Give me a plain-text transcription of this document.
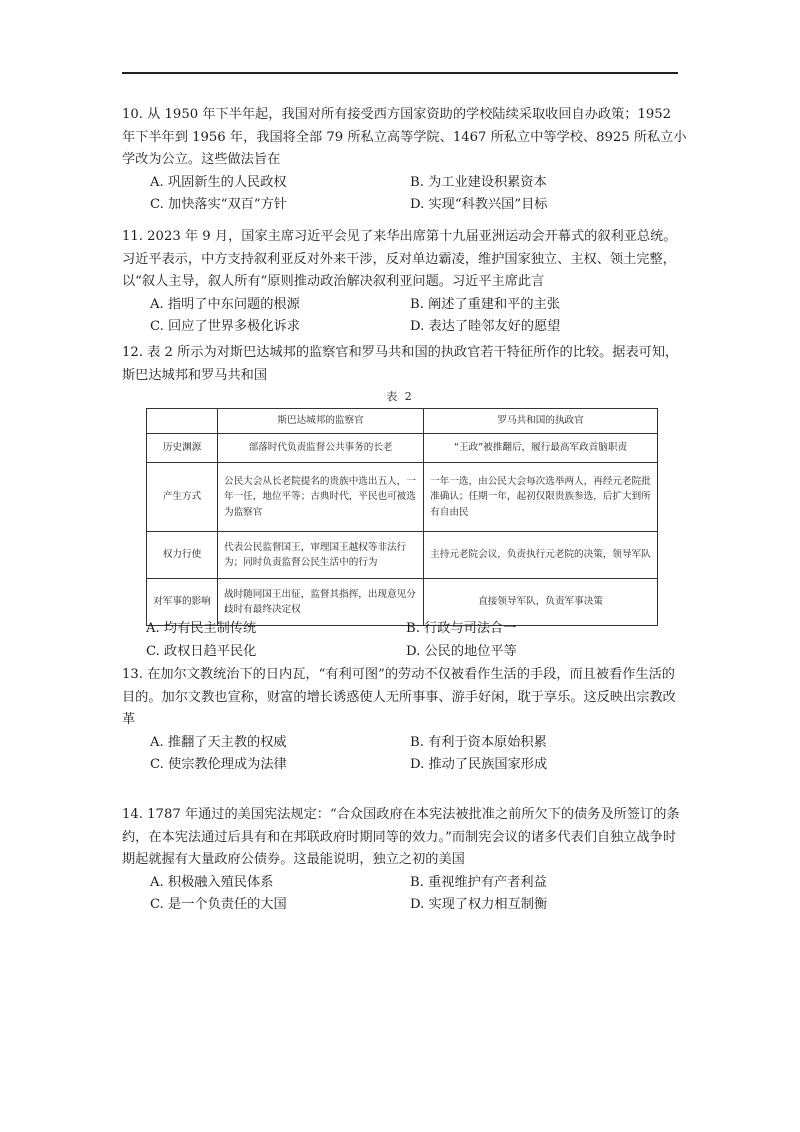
10. 从 1950 年下半年起，我国对所有接受西方国家资助的学校陆续采取收回自办政策；1952 年下半年到 1956 年，我国将全部 79 所私立高等学院、1467 所私立中等学校、8925 所私立小学改为公立。这些做法旨在
A. 巩固新生的人民政权	B. 为工业建设积累资本
C. 加快落实“双百”方针	D. 实现“科教兴国”目标
11. 2023 年 9 月，国家主席习近平会见了来华出席第十九届亚洲运动会开幕式的叙利亚总统。习近平表示，中方支持叙利亚反对外来干涉，反对单边霸凌，维护国家独立、主权、领土完整，以“叙人主导，叙人所有”原则推动政治解决叙利亚问题。习近平主席此言
A. 指明了中东问题的根源	B. 阐述了重建和平的主张
C. 回应了世界多极化诉求	D. 表达了睦邻友好的愿望
12. 表 2 所示为对斯巴达城邦的监察官和罗马共和国的执政官若干特征所作的比较。据表可知，斯巴达城邦和罗马共和国
表 2
	斯巴达城邦的监察官	罗马共和国的执政官
历史渊源	部落时代负责监督公共事务的长老	“王政”被推翻后，履行最高军政首脑职责
产生方式	公民大会从长老院提名的贵族中选出五人，一年一任，地位平等；古典时代，平民也可被选为监察官	一年一选，由公民大会每次选举两人，再经元老院批准确认；任期一年，起初仅限贵族参选，后扩大到所有自由民
权力行使	代表公民监督国王，审理国王越权等非法行为；同时负责监督公民生活中的行为	主持元老院会议，负责执行元老院的决策，领导军队
对军事的影响	战时随同国王出征，监督其指挥，出现意见分歧时有最终决定权	直接领导军队，负责军事决策
A. 均有民主制传统	B. 行政与司法合一
C. 政权日趋平民化	D. 公民的地位平等
13. 在加尔文教统治下的日内瓦，“有利可图”的劳动不仅被看作生活的手段，而且被看作生活的目的。加尔文教也宣称，财富的增长诱惑使人无所事事、游手好闲，耽于享乐。这反映出宗教改革
A. 推翻了天主教的权威	B. 有利于资本原始积累
C. 使宗教伦理成为法律	D. 推动了民族国家形成
14. 1787 年通过的美国宪法规定：“合众国政府在本宪法被批准之前所欠下的债务及所签订的条约，在本宪法通过后具有和在邦联政府时期同等的效力。”而制宪会议的诸多代表们自独立战争时期起就握有大量政府公债券。这最能说明，独立之初的美国
A. 积极融入殖民体系	B. 重视维护有产者利益
C. 是一个负责任的大国	D. 实现了权力相互制衡
